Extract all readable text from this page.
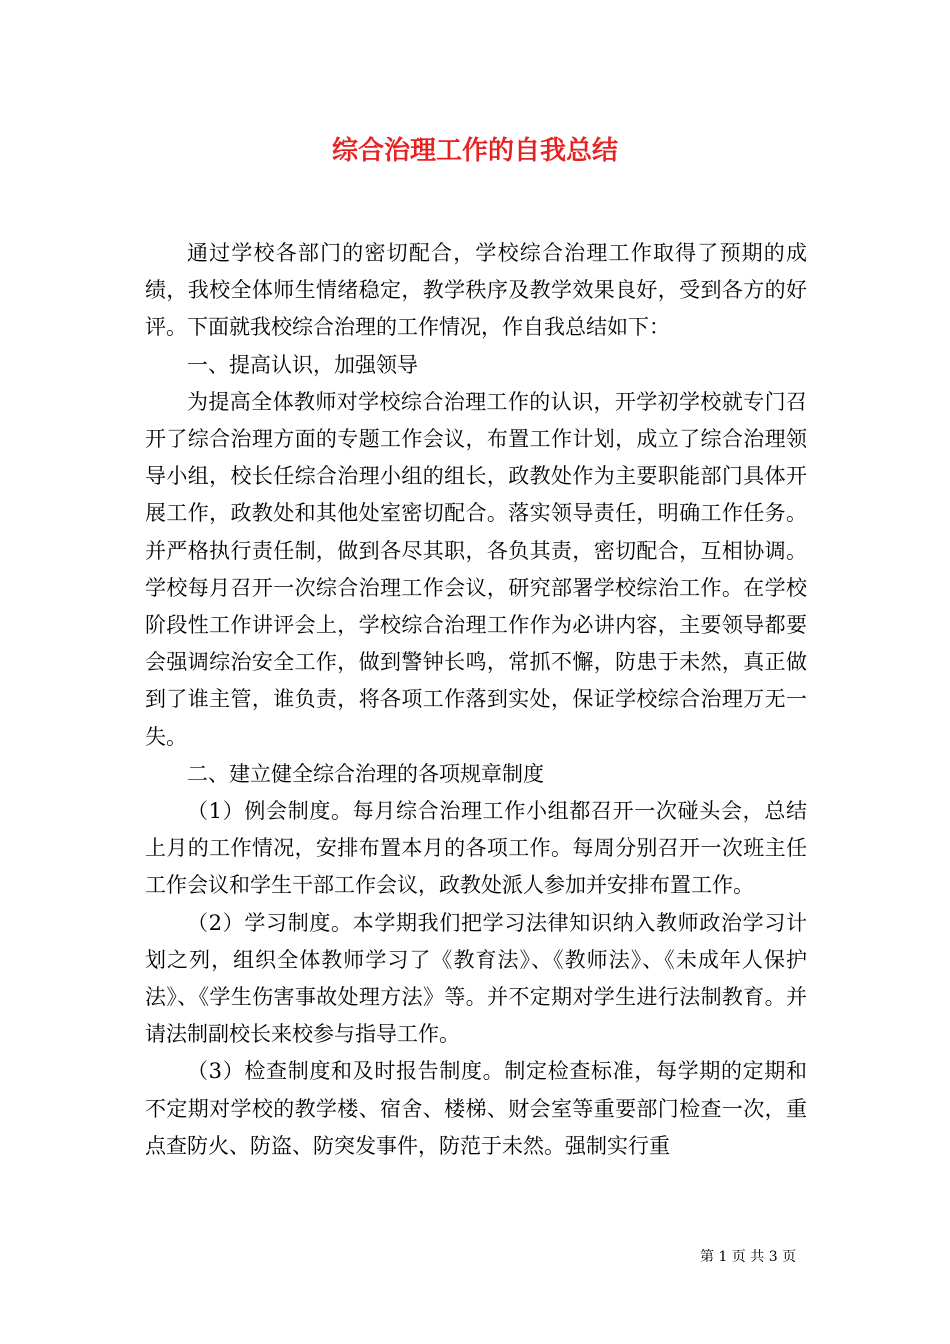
综合治理工作的自我总结

通过学校各部门的密切配合，学校综合治理工作取得了预期的成绩，我校全体师生情绪稳定，教学秩序及教学效果良好，受到各方的好评。下面就我校综合治理的工作情况，作自我总结如下：

一、提高认识，加强领导

为提高全体教师对学校综合治理工作的认识，开学初学校就专门召开了综合治理方面的专题工作会议，布置工作计划，成立了综合治理领导小组，校长任综合治理小组的组长，政教处作为主要职能部门具体开展工作，政教处和其他处室密切配合。落实领导责任，明确工作任务。并严格执行责任制，做到各尽其职，各负其责，密切配合，互相协调。学校每月召开一次综合治理工作会议，研究部署学校综治工作。在学校阶段性工作讲评会上，学校综合治理工作作为必讲内容，主要领导都要会强调综治安全工作，做到警钟长鸣，常抓不懈，防患于未然，真正做到了谁主管，谁负责，将各项工作落到实处，保证学校综合治理万无一失。

二、建立健全综合治理的各项规章制度

（1）例会制度。每月综合治理工作小组都召开一次碰头会，总结上月的工作情况，安排布置本月的各项工作。每周分别召开一次班主任工作会议和学生干部工作会议，政教处派人参加并安排布置工作。

（2）学习制度。本学期我们把学习法律知识纳入教师政治学习计划之列，组织全体教师学习了《教育法》、《教师法》、《未成年人保护法》、《学生伤害事故处理方法》等。并不定期对学生进行法制教育。并请法制副校长来校参与指导工作。

（3）检查制度和及时报告制度。制定检查标准，每学期的定期和不定期对学校的教学楼、宿舍、楼梯、财会室等重要部门检查一次，重点查防火、防盗、防突发事件，防范于未然。强制实行重

第 1 页 共 3 页
